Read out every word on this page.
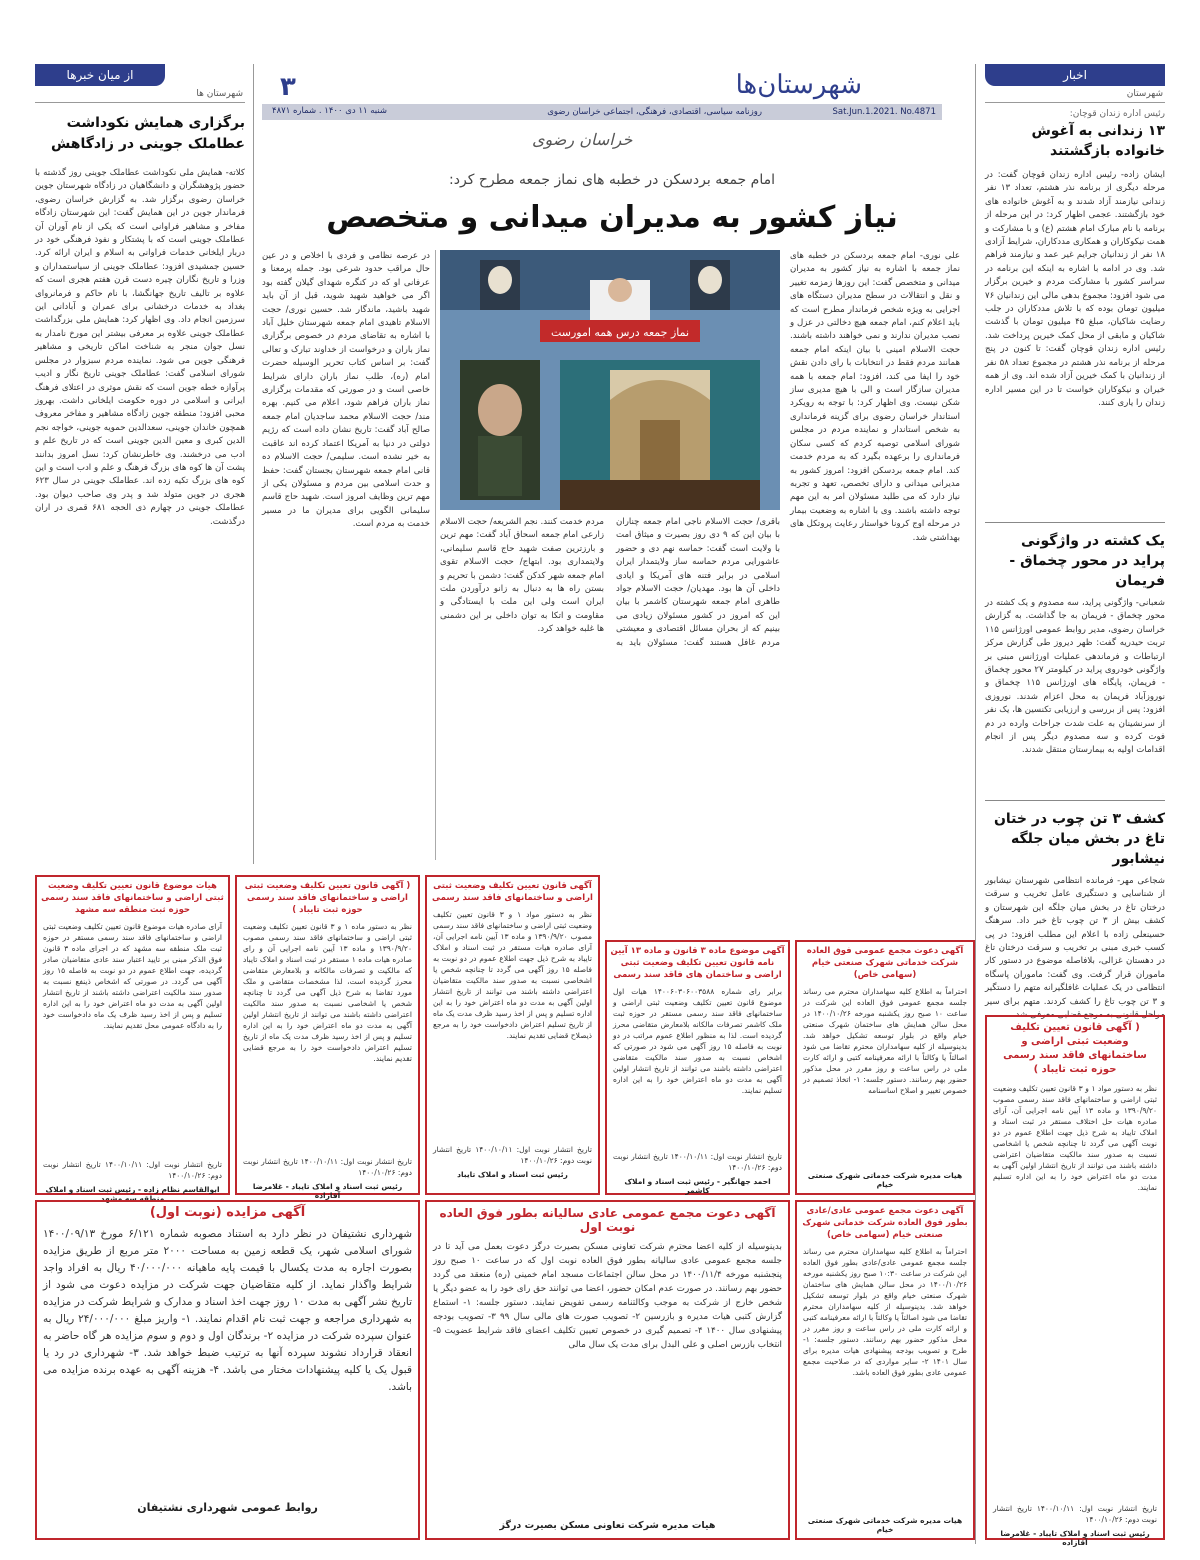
شهرستان‌ها
۳
روزنامه سیاسی، اقتصادی، فرهنگی، اجتماعی خراسان رضوی	Sat.Jun.1.2021. No.4871
شنبه ۱۱ دی ۱۴۰۰ . شماره ۴۸۷۱
خراسان رضوی
اخبار
شهرستان
رئیس اداره زندان قوچان:
۱۳ زندانی به آغوش خانواده بازگشتند
ایشان زاده- رئیس اداره زندان قوچان گفت: در مرحله دیگری از برنامه نذر هشتم، تعداد ۱۳ نفر زندانی نیازمند آزاد شدند و به آغوش خانواده های خود بازگشتند. عجمی اظهار کرد: در این مرحله از برنامه با نام مبارک امام هشتم (ع) و با مشارکت و همت نیکوکاران و همکاری مددکاران، شرایط آزادی ۱۸ نفر از زندانیان جرایم غیر عمد و نیازمند فراهم شد. وی در ادامه با اشاره به اینکه این برنامه در سراسر کشور با مشارکت مردم و خیرین برگزار می شود افزود: مجموع بدهی مالی این زندانیان ۷۶ میلیون تومان بوده که با تلاش مددکاران در جلب رضایت شاکیان، مبلغ ۴۵ میلیون تومان با گذشت شاکیان و مابقی از محل کمک خیرین پرداخت شد. رئیس اداره زندان قوچان گفت: تا کنون در پنج مرحله از برنامه نذر هشتم در مجموع تعداد ۵۸ نفر از زندانیان با کمک خیرین آزاد شده اند. وی از همه خیران و نیکوکاران خواست تا در این مسیر اداره زندان را یاری کنند.
یک کشته در واژگونی پراید در محور چخماق - فریمان
شعبانی- واژگونی پراید، سه مصدوم و یک کشته در محور چخماق - فریمان به جا گذاشت. به گزارش خراسان رضوی، مدیر روابط عمومی اورژانس ۱۱۵ تربت حیدریه گفت: ظهر دیروز طی گزارش مرکز ارتباطات و فرماندهی عملیات اورژانس مبنی بر واژگونی خودروی پراید در کیلومتر ۲۷ محور چخماق - فریمان، پایگاه های اورژانس ۱۱۵ چخماق و نوروزآباد فریمان به محل اعزام شدند. نوروزی افزود: پس از بررسی و ارزیابی تکنسین ها، یک نفر از سرنشینان به علت شدت جراحات وارده در دم فوت کرده و سه مصدوم دیگر پس از انجام اقدامات اولیه به بیمارستان منتقل شدند.
کشف ۳ تن چوب در ختان تاغ در بخش میان جلگه نیشابور
شجاعی مهر- فرمانده انتظامی شهرستان نیشابور از شناسایی و دستگیری عامل تخریب و سرقت درختان تاغ در بخش میان جلگه این شهرستان و کشف بیش از ۳ تن چوب تاغ خبر داد. سرهنگ حسینعلی زاده با اعلام این مطلب افزود: در پی کسب خبری مبنی بر تخریب و سرقت درختان تاغ در دهستان غزالی، بلافاصله موضوع در دستور کار ماموران قرار گرفت. وی گفت: ماموران پاسگاه انتظامی در یک عملیات غافلگیرانه متهم را دستگیر و ۳ تن چوب تاغ را کشف کردند. متهم برای سیر مراحل قانونی به مرجع قضایی معرفی شد.
از میان خبرها
شهرستان ها
برگزاری همایش نکوداشت عطاملک جوینی در زادگاهش
کلاته- همایش ملی نکوداشت عطاملک جوینی روز گذشته با حضور پژوهشگران و دانشگاهیان در زادگاه شهرستان جوین خراسان رضوی برگزار شد. به گزارش خراسان رضوی، فرماندار جوین در این همایش گفت: این شهرستان زادگاه مفاخر و مشاهیر فراوانی است که یکی از نام آوران آن عطاملک جوینی است که با پشتکار و نفوذ فرهنگی خود در دربار ایلخانی خدمات فراوانی به اسلام و ایران ارائه کرد. حسین جمشیدی افزود: عطاملک جوینی از سیاستمداران و وزرا و تاریخ نگاران چیره دست قرن هفتم هجری است که علاوه بر تالیف تاریخ جهانگشا، با نام حاکم و فرمانروای بغداد به خدمات درخشانی برای عمران و آبادانی این سرزمین انجام داد. وی اظهار کرد: همایش ملی بزرگداشت عطاملک جوینی علاوه بر معرفی بیشتر این مورخ نامدار به نسل جوان منجر به شناخت اماکن تاریخی و مشاهیر فرهنگی جوین می شود. نماینده مردم سبزوار در مجلس شورای اسلامی گفت: عطاملک جوینی تاریخ نگار و ادیب پرآوازه خطه جوین است که نقش موثری در اعتلای فرهنگ ایرانی و اسلامی در دوره حکومت ایلخانی داشت. بهروز محبی افزود: منطقه جوین زادگاه مشاهیر و مفاخر معروف همچون خاندان جوینی، سعدالدین حمویه جوینی، خواجه نجم الدین کبری و معین الدین جوینی است که در تاریخ علم و ادب می درخشند. وی خاطرنشان کرد: نسل امروز بدانند پشت آن ها کوه های بزرگ فرهنگ و علم و ادب است و این کوه های بزرگ تکیه زده اند. عطاملک جوینی در سال ۶۲۳ هجری در جوین متولد شد و پدر وی صاحب دیوان بود. عطاملک جوینی در چهارم ذی الحجه ۶۸۱ قمری در اران درگذشت.
امام جمعه بردسکن در خطبه های نماز جمعه مطرح کرد:
نیاز کشور به مدیران میدانی و متخصص
علی نوری- امام جمعه بردسکن در خطبه های نماز جمعه با اشاره به نیاز کشور به مدیران میدانی و متخصص گفت: این روزها زمزمه تغییر و نقل و انتقالات در سطح مدیران دستگاه های اجرایی به ویژه شخص فرماندار مطرح است که باید اعلام کنم، امام جمعه هیچ دخالتی در عزل و نصب مدیران ندارند و نمی خواهند داشته باشند. حجت الاسلام امینی با بیان اینکه امام جمعه همانند مردم فقط در انتخابات با رای دادن نقش خود را ایفا می کند، افزود: امام جمعه با همه مدیران سازگار است و الی با هیچ مدیری ساز شکن نیست. وی اظهار کرد: با توجه به رویکرد استاندار خراسان رضوی برای گزینه فرمانداری به شخص استاندار و نماینده مردم در مجلس شورای اسلامی توصیه کردم که کسی سکان فرمانداری را برعهده بگیرد که به مردم خدمت کند. امام جمعه بردسکن افزود: امروز کشور به مدیرانی میدانی و دارای تخصص، تعهد و تجربه نیاز دارد که می طلبد مسئولان امر به این مهم توجه داشته باشند. وی با اشاره به وضعیت بیمار در مرحله اوج کرونا خواستار رعایت پروتکل های بهداشتی شد.
نماز جمعه درس همه امورست
باقری/ حجت الاسلام ناجی امام جمعه چناران با بیان این که ۹ دی روز بصیرت و میثاق امت با ولایت است گفت: حماسه نهم دی و حضور عاشورایی مردم حماسه ساز ولایتمدار ایران اسلامی در برابر فتنه های آمریکا و ایادی داخلی آن ها بود. مهدیان/ حجت الاسلام جواد طاهری امام جمعه شهرستان کاشمر با بیان این که امروز در کشور مسئولان زیادی می بینیم که از بحران مسائل اقتصادی و معیشتی مردم غافل هستند گفت: مسئولان باید به مردم خدمت کنند. نجم الشریعه/ حجت الاسلام زارعی امام جمعه اسحاق آباد گفت: مهم ترین و بارزترین صفت شهید حاج قاسم سلیمانی، ولایتمداری بود. ابتهاج/ حجت الاسلام تقوی امام جمعه شهر کدکن گفت: دشمن با تحریم و بستن راه ها به دنبال به زانو درآوردن ملت ایران است ولی این ملت با ایستادگی و مقاومت و اتکا به توان داخلی بر این دشمنی ها غلبه خواهد کرد.
در عرصه نظامی و فردی با اخلاص و در عین حال مراقب حدود شرعی بود. جمله پرمعنا و عرفانی او که در کنگره شهدای گیلان گفته بود اگر می خواهید شهید شوید، قبل از آن باید شهید باشید، ماندگار شد. حسین نوری/ حجت الاسلام تاهیدی امام جمعه شهرستان خلیل آباد با اشاره به تقاضای مردم در خصوص برگزاری نماز باران و درخواست از خداوند تبارک و تعالی گفت: بر اساس کتاب تحریر الوسیله حضرت امام (ره)، طلب نماز باران دارای شرایط خاصی است و در صورتی که مقدمات برگزاری نماز باران فراهم شود، اعلام می کنیم. بهره مند/ حجت الاسلام محمد ساجدیان امام جمعه صالح آباد گفت: تاریخ نشان داده است که رژیم دولتی در دنیا به آمریکا اعتماد کرده اند عاقبت به خیر نشده است. سلیمی/ حجت الاسلام ده قانی امام جمعه شهرستان بجستان گفت: حفظ و حدت اسلامی بین مردم و مسئولان یکی از مهم ترین وظایف امروز است. شهید حاج قاسم سلیمانی الگویی برای مدیران ما در مسیر خدمت به مردم است.
( آگهی قانون تعیین تکلیف وضعیت ثبتی اراضی و ساختمانهای فاقد سند رسمی حوزه ثبت تایباد )
نظر به دستور مواد ۱ و ۳ قانون تعیین تکلیف وضعیت ثبتی اراضی و ساختمانهای فاقد سند رسمی مصوب ۱۳۹۰/۹/۲۰ و ماده ۱۳ آیین نامه اجرایی آن، آرای صادره هیات حل اختلاف مستقر در ثبت اسناد و املاک تایباد به شرح ذیل جهت اطلاع عموم در دو نوبت آگهی می گردد تا چنانچه شخص یا اشخاصی نسبت به صدور سند مالکیت متقاضیان اعتراضی داشته باشند می توانند از تاریخ انتشار اولین آگهی به مدت دو ماه اعتراض خود را به این اداره تسلیم نمایند.
تاریخ انتشار نوبت اول: ۱۴۰۰/۱۰/۱۱ تاریخ انتشار نوبت دوم: ۱۴۰۰/۱۰/۲۶
رئیس ثبت اسناد و املاک تایباد - غلامرضا آقازاده
هیات موضوع قانون تعیین تکلیف وضعیت ثبتی اراضی و ساختمانهای فاقد سند رسمی حوزه ثبت منطقه سه مشهد
آرای صادره هیات موضوع قانون تعیین تکلیف وضعیت ثبتی اراضی و ساختمانهای فاقد سند رسمی مستقر در حوزه ثبت ملک منطقه سه مشهد که در اجرای ماده ۳ قانون فوق الذکر مبنی بر تایید اعتبار سند عادی متقاضیان صادر گردیده، جهت اطلاع عموم در دو نوبت به فاصله ۱۵ روز آگهی می گردد. در صورتی که اشخاص ذینفع نسبت به صدور سند مالکیت اعتراضی داشته باشند از تاریخ انتشار اولین آگهی به مدت دو ماه اعتراض خود را به این اداره تسلیم و پس از اخذ رسید ظرف یک ماه دادخواست خود را به دادگاه عمومی محل تقدیم نمایند.
تاریخ انتشار نوبت اول: ۱۴۰۰/۱۰/۱۱ تاریخ انتشار نوبت دوم: ۱۴۰۰/۱۰/۲۶
ابوالقاسم نظام زاده - رئیس ثبت اسناد و املاک منطقه سه مشهد
( آگهی قانون تعیین تکلیف وضعیت ثبتی اراضی و ساختمانهای فاقد سند رسمی حوزه ثبت تایباد )
نظر به دستور ماده ۱ و ۳ قانون تعیین تکلیف وضعیت ثبتی اراضی و ساختمانهای فاقد سند رسمی مصوب ۱۳۹۰/۹/۲۰ و ماده ۱۳ آیین نامه اجرایی آن و رای صادره هیات ماده ۱ مستقر در ثبت اسناد و املاک تایباد که مالکیت و تصرفات مالکانه و بلامعارض متقاضی محرز گردیده است، لذا مشخصات متقاضی و ملک مورد تقاضا به شرح ذیل آگهی می گردد تا چنانچه شخص یا اشخاصی نسبت به صدور سند مالکیت اعتراضی داشته باشند می توانند از تاریخ انتشار اولین آگهی به مدت دو ماه اعتراض خود را به این اداره تسلیم و پس از اخذ رسید ظرف مدت یک ماه از تاریخ تسلیم اعتراض دادخواست خود را به مرجع قضایی تقدیم نمایند.
تاریخ انتشار نوبت اول: ۱۴۰۰/۱۰/۱۱ تاریخ انتشار نوبت دوم: ۱۴۰۰/۱۰/۲۶
رئیس ثبت اسناد و املاک تایباد - غلامرضا آقازاده
آگهی قانون تعیین تکلیف وضعیت ثبتی اراضی و ساختمانهای فاقد سند رسمی
نظر به دستور مواد ۱ و ۳ قانون تعیین تکلیف وضعیت ثبتی اراضی و ساختمانهای فاقد سند رسمی مصوب ۱۳۹۰/۹/۲۰ و ماده ۱۳ آیین نامه اجرایی آن، آرای صادره هیات مستقر در ثبت اسناد و املاک تایباد به شرح ذیل جهت اطلاع عموم در دو نوبت به فاصله ۱۵ روز آگهی می گردد تا چنانچه شخص یا اشخاصی نسبت به صدور سند مالکیت متقاضیان اعتراضی داشته باشند می توانند از تاریخ انتشار اولین آگهی به مدت دو ماه اعتراض خود را به این اداره تسلیم و پس از اخذ رسید ظرف مدت یک ماه از تاریخ تسلیم اعتراض دادخواست خود را به مرجع ذیصلاح قضایی تقدیم نمایند.
تاریخ انتشار نوبت اول: ۱۴۰۰/۱۰/۱۱ تاریخ انتشار نوبت دوم: ۱۴۰۰/۱۰/۲۶
رئیس ثبت اسناد و املاک تایباد
آگهی موضوع ماده ۳ قانون و ماده ۱۳ آیین نامه قانون تعیین تکلیف وضعیت ثبتی اراضی و ساختمان های فاقد سند رسمی
برابر رای شماره ۱۴۰۰۶۰۳۰۶۰۰۳۵۸۸ هیات اول موضوع قانون تعیین تکلیف وضعیت ثبتی اراضی و ساختمانهای فاقد سند رسمی مستقر در حوزه ثبت ملک کاشمر تصرفات مالکانه بلامعارض متقاضی محرز گردیده است. لذا به منظور اطلاع عموم مراتب در دو نوبت به فاصله ۱۵ روز آگهی می شود در صورتی که اشخاص نسبت به صدور سند مالکیت متقاضی اعتراضی داشته باشند می توانند از تاریخ انتشار اولین آگهی به مدت دو ماه اعتراض خود را به این اداره تسلیم نمایند.
تاریخ انتشار نوبت اول: ۱۴۰۰/۱۰/۱۱ تاریخ انتشار نوبت دوم: ۱۴۰۰/۱۰/۲۶
احمد جهانگیر - رئیس ثبت اسناد و املاک کاشمر
آگهی دعوت مجمع عمومی فوق العاده شرکت خدماتی شهرک صنعتی خیام (سهامی خاص)
احتراماً به اطلاع کلیه سهامداران محترم می رساند جلسه مجمع عمومی فوق العاده این شرکت در ساعت ۱۰ صبح روز یکشنبه مورخه ۱۴۰۰/۱۰/۲۶ در محل سالن همایش های ساختمان شهرک صنعتی خیام واقع در بلوار توسعه تشکیل خواهد شد. بدینوسیله از کلیه سهامداران محترم تقاضا می شود اصالتاً یا وکالتاً با ارائه معرفینامه کتبی و ارائه کارت ملی در راس ساعت و روز مقرر در محل مذکور حضور بهم رسانند. دستور جلسه: ۱- اتخاذ تصمیم در خصوص تغییر و اصلاح اساسنامه
هیات مدیره شرکت خدماتی شهرک صنعتی خیام
آگهی مزایده (نوبت اول)
شهرداری نشتیفان در نظر دارد به استناد مصوبه شماره ۶/۱۲۱ مورخ ۱۴۰۰/۰۹/۱۳ شورای اسلامی شهر، یک قطعه زمین به مساحت ۲۰۰۰ متر مربع از طریق مزایده بصورت اجاره به مدت یکسال با قیمت پایه ماهیانه ۴۰/۰۰۰/۰۰۰ ریال به افراد واجد شرایط واگذار نماید. از کلیه متقاضیان جهت شرکت در مزایده دعوت می شود از تاریخ نشر آگهی به مدت ۱۰ روز جهت اخذ اسناد و مدارک و شرایط شرکت در مزایده به شهرداری مراجعه و جهت ثبت نام اقدام نمایند. ۱- واریز مبلغ ۲۴/۰۰۰/۰۰۰ ریال به عنوان سپرده شرکت در مزایده ۲- برندگان اول و دوم و سوم مزایده هر گاه حاضر به انعقاد قرارداد نشوند سپرده آنها به ترتیب ضبط خواهد شد. ۳- شهرداری در رد یا قبول یک یا کلیه پیشنهادات مختار می باشد. ۴- هزینه آگهی به عهده برنده مزایده می باشد.
روابط عمومی شهرداری نشتیفان
آگهی دعوت مجمع عمومی عادی سالیانه بطور فوق العاده نوبت اول
بدینوسیله از کلیه اعضا محترم شرکت تعاونی مسکن بصیرت درگز دعوت بعمل می آید تا در جلسه مجمع عمومی عادی سالیانه بطور فوق العاده نوبت اول که در ساعت ۱۰ صبح روز پنجشنبه مورخه ۱۴۰۰/۱۱/۴ در محل سالن اجتماعات مسجد امام خمینی (ره) منعقد می گردد حضور بهم رسانند. در صورت عدم امکان حضور، اعضا می توانند حق رای خود را به عضو دیگر یا شخص خارج از شرکت به موجب وکالتنامه رسمی تفویض نمایند. دستور جلسه: ۱- استماع گزارش کتبی هیات مدیره و بازرسین ۲- تصویب صورت های مالی سال ۹۹ ۳- تصویب بودجه پیشنهادی سال ۱۴۰۰ ۴- تصمیم گیری در خصوص تعیین تکلیف اعضای فاقد شرایط عضویت ۵- انتخاب بازرس اصلی و علی البدل برای مدت یک سال مالی
هیات مدیره شرکت تعاونی مسکن بصیرت درگز
آگهی دعوت مجمع عمومی عادی/عادی بطور فوق العاده شرکت خدماتی شهرک صنعتی خیام (سهامی خاص)
احتراماً به اطلاع کلیه سهامداران محترم می رساند جلسه مجمع عمومی عادی/عادی بطور فوق العاده این شرکت در ساعت ۱۰:۳۰ صبح روز یکشنبه مورخه ۱۴۰۰/۱۰/۲۶ در محل سالن همایش های ساختمان شهرک صنعتی خیام واقع در بلوار توسعه تشکیل خواهد شد. بدینوسیله از کلیه سهامداران محترم تقاضا می شود اصالتاً یا وکالتاً با ارائه معرفینامه کتبی و ارائه کارت ملی در راس ساعت و روز مقرر در محل مذکور حضور بهم رسانند. دستور جلسه: ۱- طرح و تصویب بودجه پیشنهادی هیات مدیره برای سال ۱۴۰۱ ۲- سایر مواردی که در صلاحیت مجمع عمومی عادی بطور فوق العاده باشد.
هیات مدیره شرکت خدماتی شهرک صنعتی خیام
